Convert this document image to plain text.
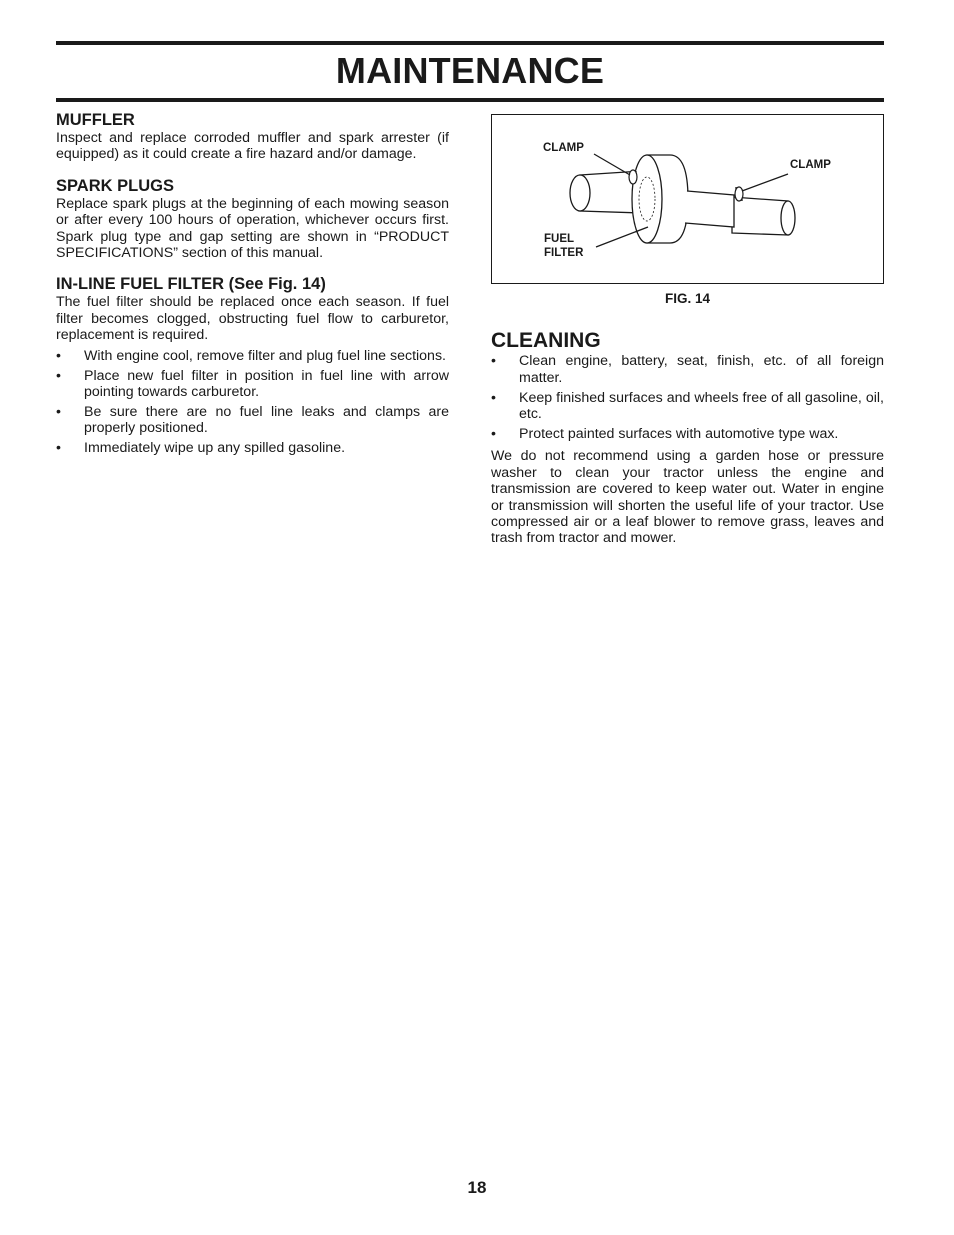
MAINTENANCE
MUFFLER

Inspect and replace corroded muffler and spark arrester (if equipped) as it could create a fire hazard and/or damage.

SPARK PLUGS

Replace spark plugs at the beginning of each mowing season or after every 100 hours of operation, whichever occurs first. Spark plug type and gap setting are shown in “PRODUCT SPECIFICATIONS” section of this manual.

IN-LINE FUEL FILTER (See Fig. 14)

The fuel filter should be replaced once each season. If fuel filter becomes clogged, obstructing fuel flow to carburetor, replacement is required.

• With engine cool, remove filter and plug fuel line sections.
• Place new fuel filter in position in fuel line with arrow pointing towards carburetor.
• Be sure there are no fuel line leaks and clamps are properly positioned.
• Immediately wipe up any spilled gasoline.
CLAMP
CLAMP
FUEL
FILTER
FIG. 14
CLEANING
• Clean engine, battery, seat, finish, etc. of all foreign matter.
• Keep finished surfaces and wheels free of all gasoline, oil, etc.
• Protect painted surfaces with automotive type wax.

We do not recommend using a garden hose or pressure washer to clean your tractor unless the engine and transmission are covered to keep water out. Water in engine or transmission will shorten the useful life of your tractor. Use compressed air or a leaf blower to remove grass, leaves and trash from tractor and mower.

18
